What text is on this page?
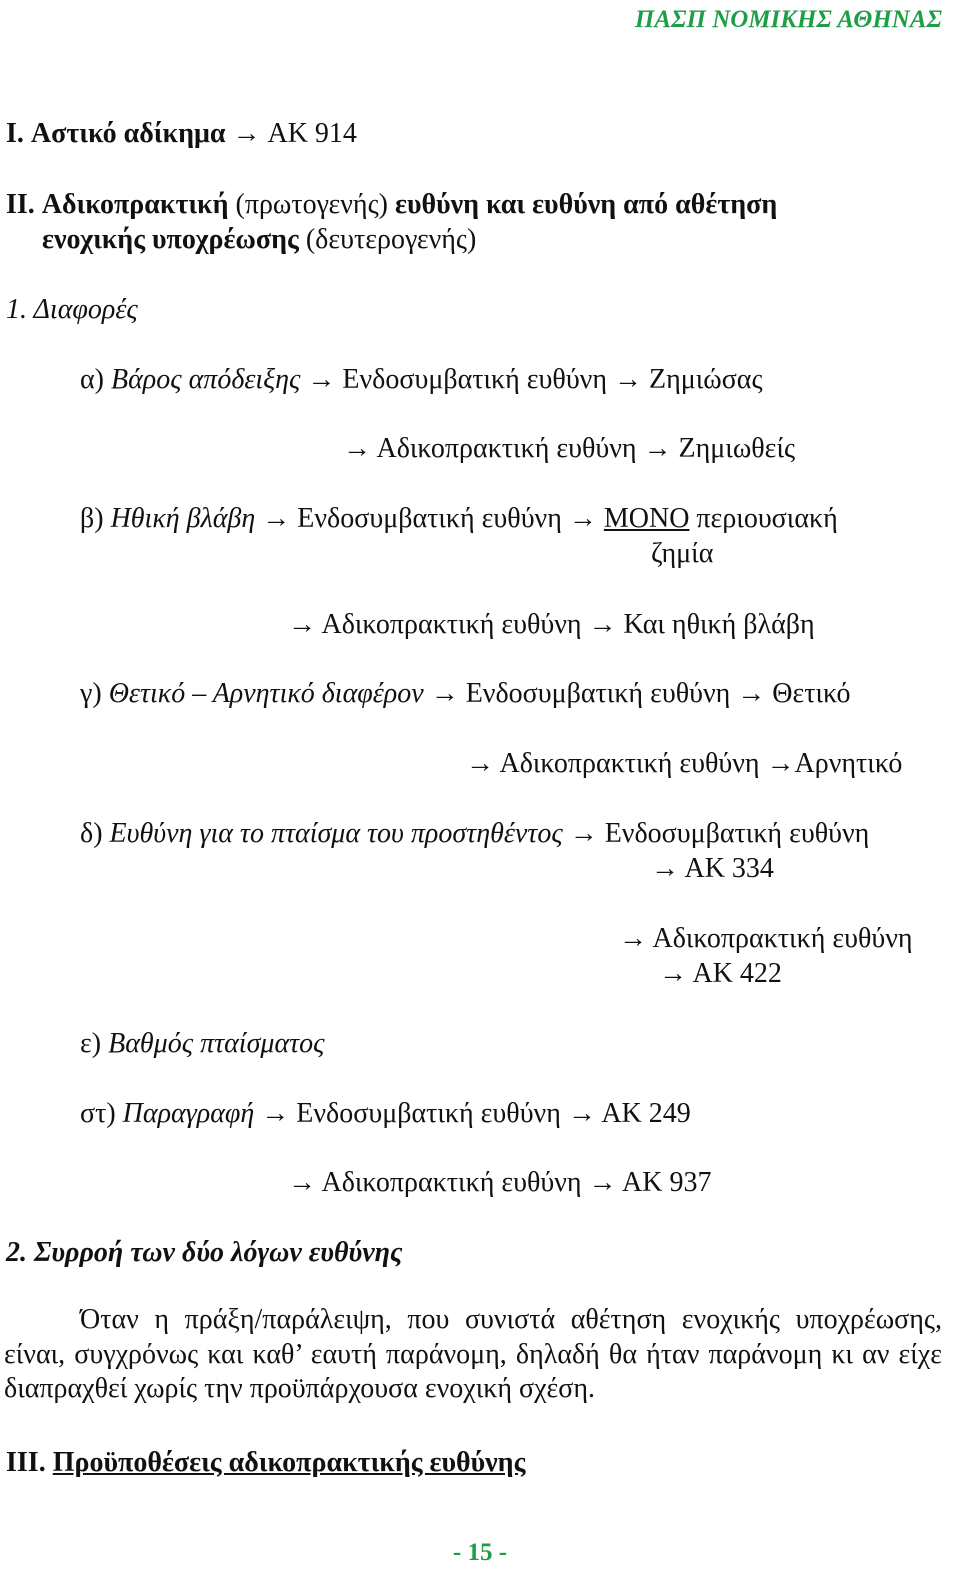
ΠΑΣΠ ΝΟΜΙΚΗΣ ΑΘΗΝΑΣ
I. Αστικό αδίκημα → ΑΚ 914
II. Αδικοπρακτική (πρωτογενής) ευθύνη και ευθύνη από αθέτηση
ενοχικής υποχρέωσης (δευτερογενής)
1. Διαφορές
α) Βάρος απόδειξης → Ενδοσυμβατική ευθύνη → Ζημιώσας
→ Αδικοπρακτική ευθύνη → Ζημιωθείς
β) Ηθική βλάβη → Ενδοσυμβατική ευθύνη → ΜΟΝΟ περιουσιακή
ζημία
→ Αδικοπρακτική ευθύνη → Και ηθική βλάβη
γ) Θετικό – Αρνητικό διαφέρον → Ενδοσυμβατική ευθύνη → Θετικό
→ Αδικοπρακτική ευθύνη →Αρνητικό
δ) Ευθύνη για το πταίσμα του προστηθέντος → Ενδοσυμβατική ευθύνη
→ ΑΚ 334
→ Αδικοπρακτική ευθύνη
→ ΑΚ 422
ε) Βαθμός πταίσματος
στ) Παραγραφή → Ενδοσυμβατική ευθύνη → ΑΚ 249
→ Αδικοπρακτική ευθύνη → ΑΚ 937
2. Συρροή των δύο λόγων ευθύνης
Όταν η πράξη/παράλειψη, που συνιστά αθέτηση ενοχικής υποχρέωσης, είναι, συγχρόνως και καθ’ εαυτή παράνομη, δηλαδή θα ήταν παράνομη κι αν είχε διαπραχθεί χωρίς την προϋπάρχουσα ενοχική σχέση.
III. Προϋποθέσεις αδικοπρακτικής ευθύνης
- 15 -
